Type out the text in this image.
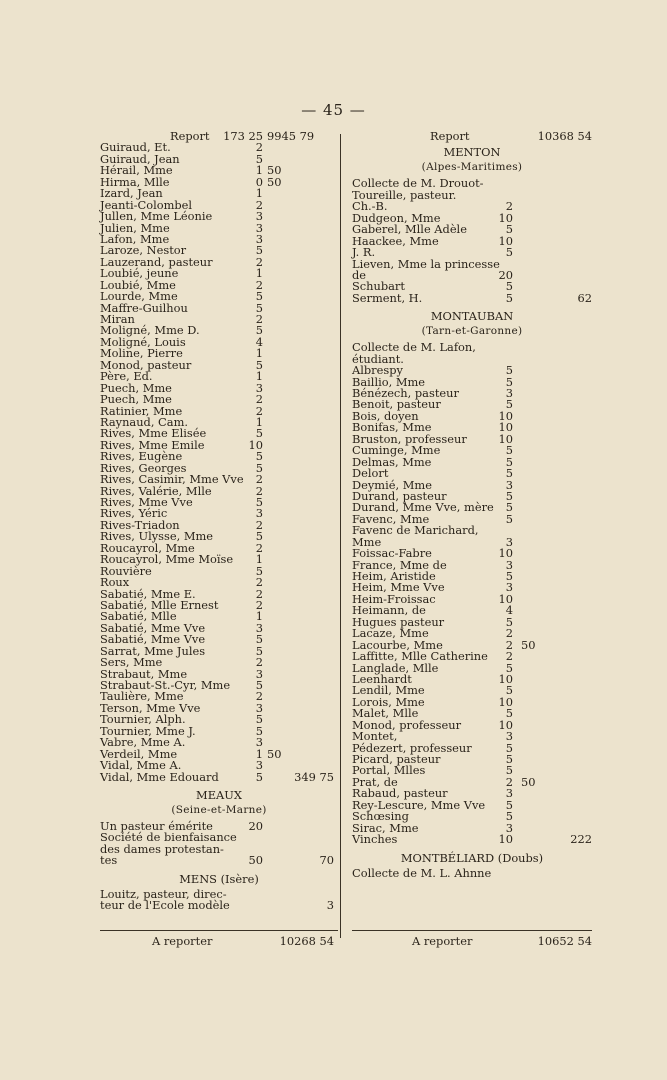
— 45 —
Report 173 25 9945 79
Guiraud, Et.	2
Guiraud, Jean	5
Hérail, Mme	1 50
Hirma, Mlle	0 50
Izard, Jean	1
Jeanti-Colombel	2
Jullen, Mme Léonie	3
Julien, Mme	3
Lafon, Mme	3
Laroze, Nestor	5
Lauzerand, pasteur	2
Loubié, jeune	1
Loubié, Mme	2
Lourde, Mme	5
Maffre-Guilhou	5
Miran	2
Moligné, Mme D.	5
Moligné, Louis	4
Moline, Pierre	1
Monod, pasteur	5
Père, Ed.	1
Puech, Mme	3
Puech, Mme	2
Ratinier, Mme	2
Raynaud, Cam.	1
Rives, Mme Elisée	5
Rives, Mme Emile	10
Rives, Eugène	5
Rives, Georges	5
Rives, Casimir, Mme Vve 2
Rives, Valérie, Mlle	2
Rives, Mme Vve	5
Rives, Yéric	3
Rives-Triadon	2
Rives, Ulysse, Mme	5
Roucayrol, Mme	2
Roucayrol, Mme Moïse 1
Rouvière	5
Roux	2
Sabatié, Mme E.	2
Sabatié, Mlle Ernest	2
Sabatié, Mlle	1
Sabatié, Mme Vve	3
Sabatié, Mme Vve	5
Sarrat, Mme Jules	5
Sers, Mme	2
Strabaut, Mme	3
Strabaut-St.-Cyr, Mme 5
Taulière, Mme	2
Terson, Mme Vve	3
Tournier, Alph.	5
Tournier, Mme J.	5
Vabre, Mme A.	3
Verdeil, Mme	1 50
Vidal, Mme A.	3
Vidal, Mme Edouard	5	349 75
MEAUX
(Seine-et-Marne)
Un pasteur émérite	20
Société de bienfaisance
des dames protestan-
tes	50	70
MENS (Isère)
Louitz, pasteur, direc-
teur de l'Ecole modèle	3
Report	10368 54
MENTON
(Alpes-Maritimes)
Collecte de M. Drouot-
Toureille, pasteur.
Ch.-B.	2
Dudgeon, Mme	10
Gaberel, Mlle Adèle	5
Haackee, Mme	10
J. R.	5
Lieven, Mme la princesse
de	20
Schubart	5
Serment, H.	5	62
MONTAUBAN
(Tarn-et-Garonne)
Collecte de M. Lafon,
étudiant.
Albrespy	5
Baillio, Mme	5
Bénézech, pasteur	3
Benoit, pasteur	5
Bois, doyen	10
Bonifas, Mme	10
Bruston, professeur	10
Cuminge, Mme	5
Delmas, Mme	5
Delort	5
Deymié, Mme	3
Durand, pasteur	5
Durand, Mme Vve, mère 5
Favenc, Mme	5
Favenc de Marichard,
Mme	3
Foissac-Fabre	10
France, Mme de	3
Heim, Aristide	5
Heim, Mme Vve	3
Heim-Froissac	10
Heimann, de	4
Hugues pasteur	5
Lacaze, Mme	2
Lacourbe, Mme	2 50
Laffitte, Mlle Catherine 2
Langlade, Mlle	5
Leenhardt	10
Lendil, Mme	5
Lorois, Mme	10
Malet, Mlle	5
Monod, professeur	10
Montet,	3
Pédezert, professeur	5
Picard, pasteur	5
Portal, Mlles	5
Prat, de	2 50
Rabaud, pasteur	3
Rey-Lescure, Mme Vve 5
Schœsing	5
Sirac, Mme	3
Vinches	10	222
MONTBÉLIARD (Doubs)
Collecte de M. L. Ahnne
A reporter	10268 54	A reporter	10652 54
